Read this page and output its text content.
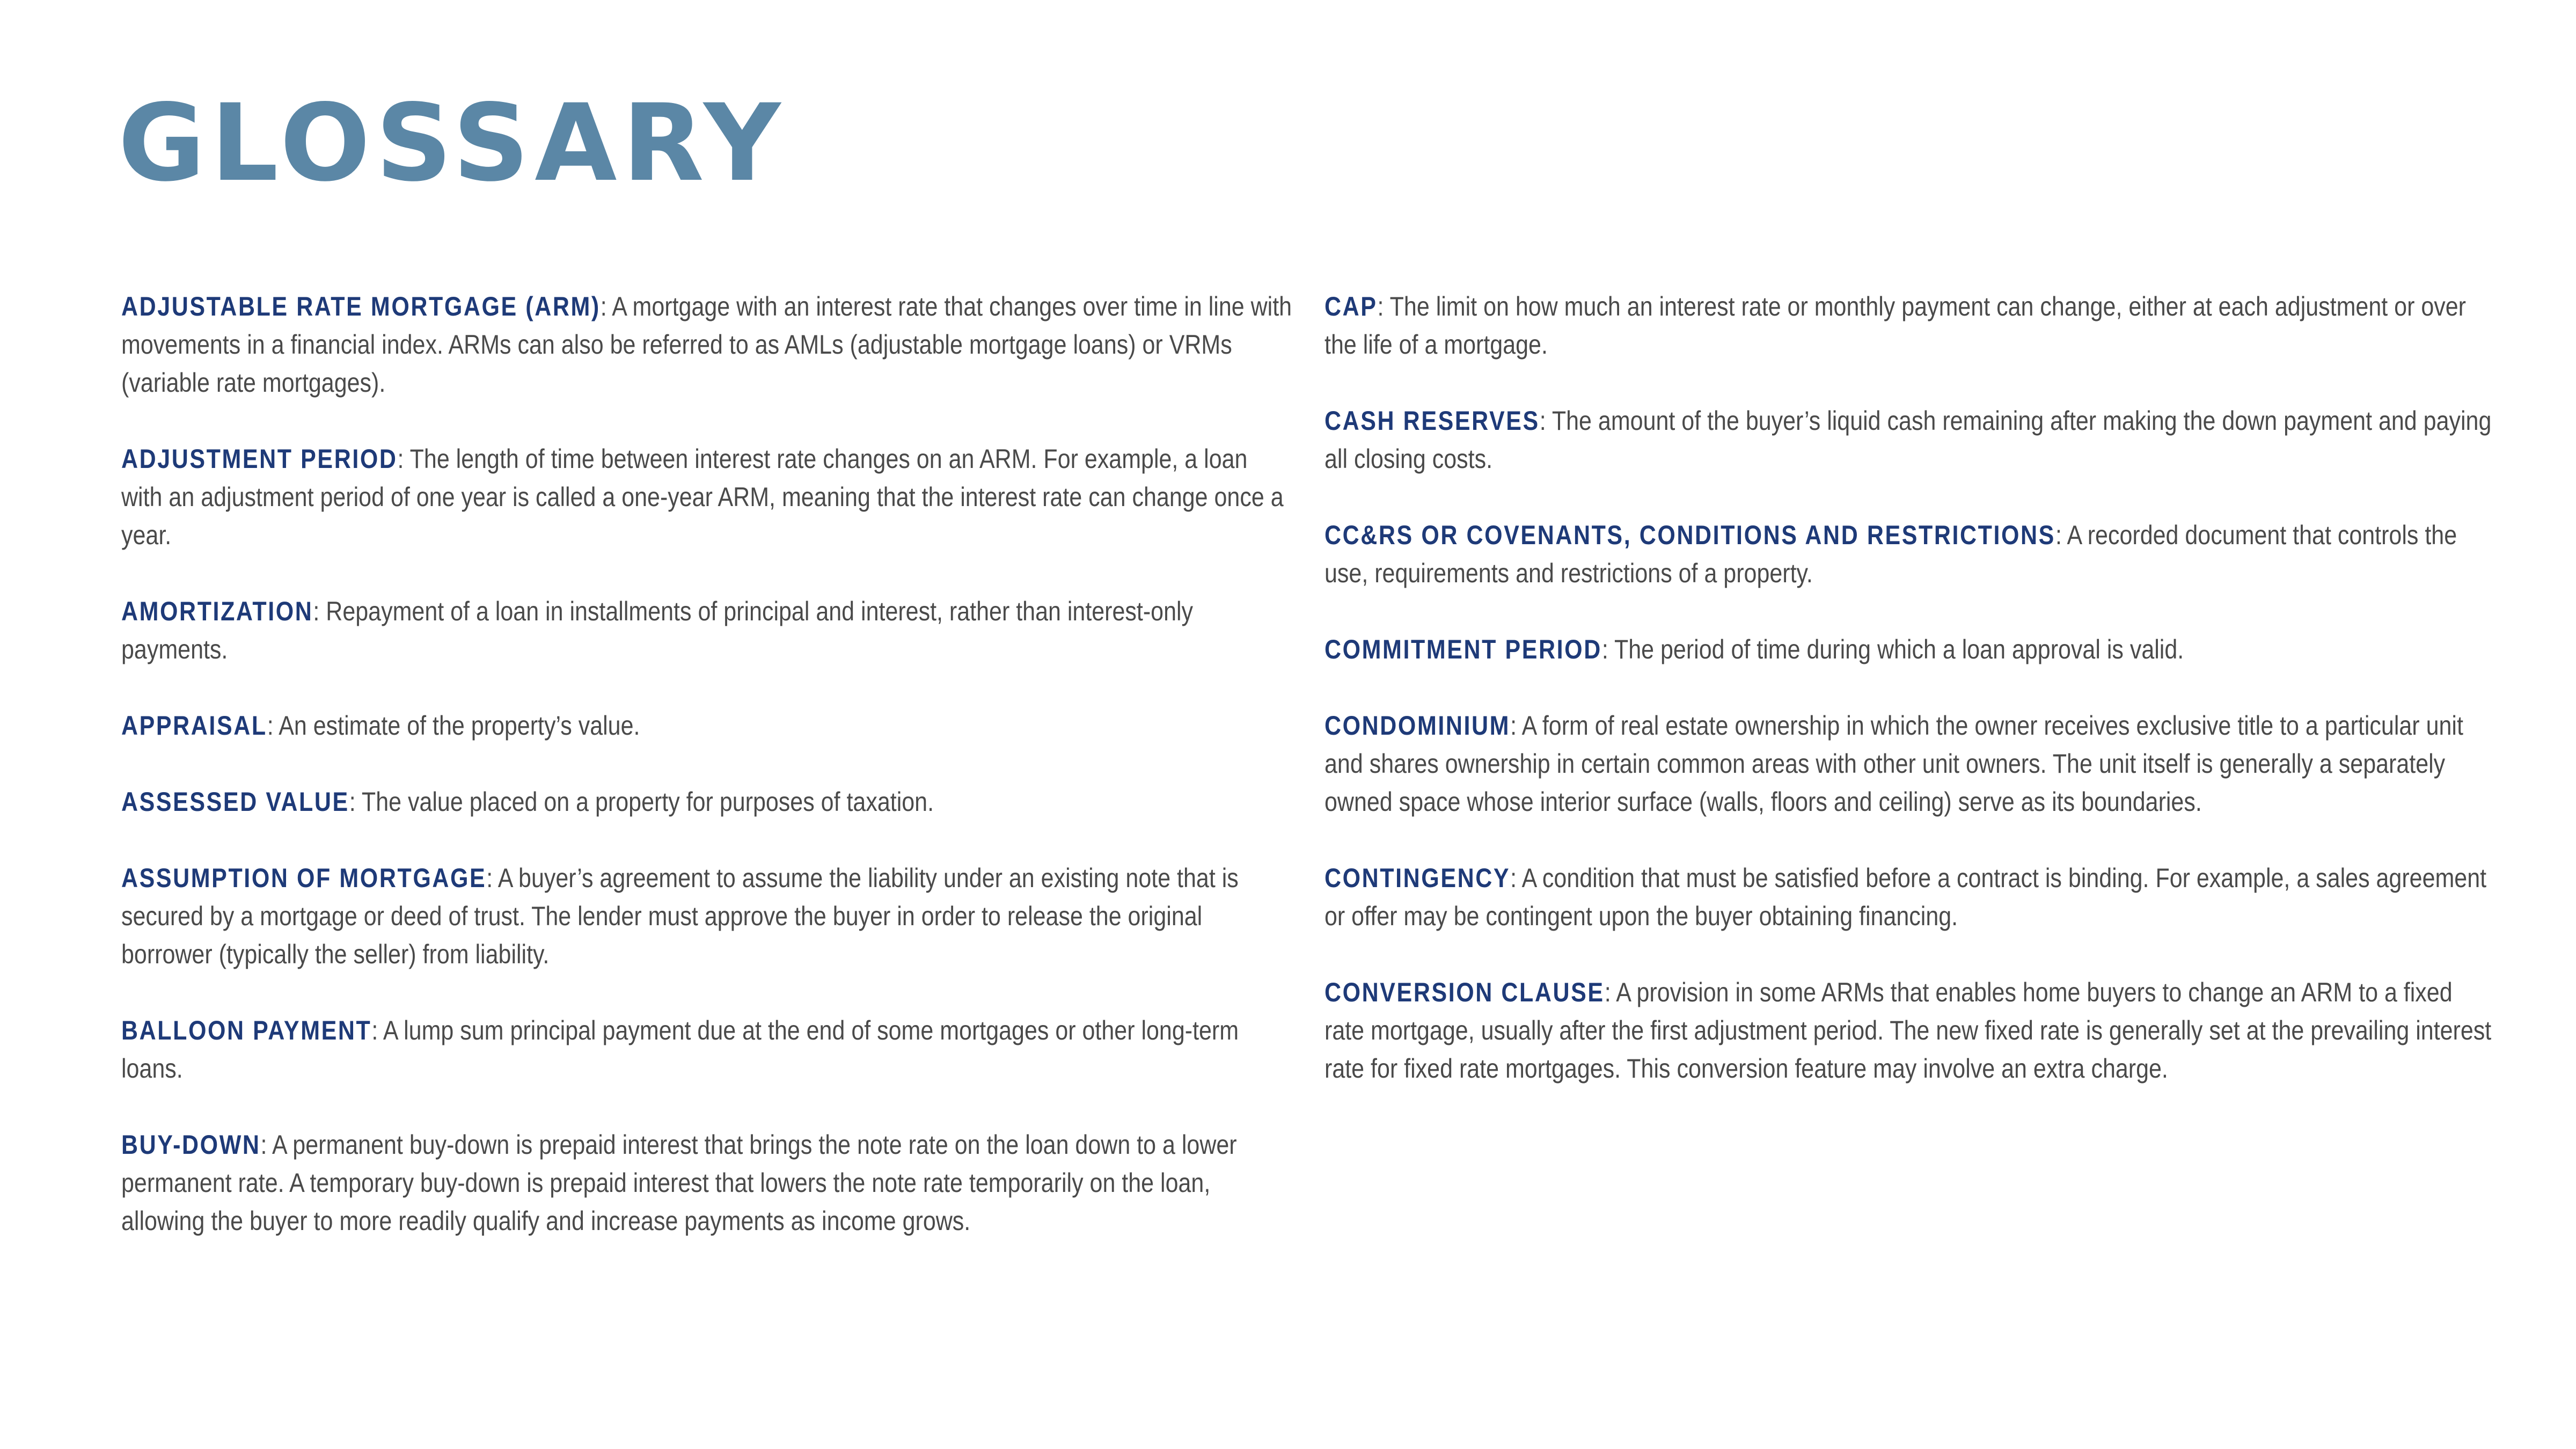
GLOSSARY

ADJUSTABLE RATE MORTGAGE (ARM): A mortgage with an interest rate that changes over time in line with movements in a financial index. ARMs can also be referred to as AMLs (adjustable mortgage loans) or VRMs (variable rate mortgages).

ADJUSTMENT PERIOD: The length of time between interest rate changes on an ARM. For example, a loan with an adjustment period of one year is called a one-year ARM, meaning that the interest rate can change once a year.

AMORTIZATION: Repayment of a loan in installments of principal and interest, rather than interest-only payments.

APPRAISAL: An estimate of the property’s value.

ASSESSED VALUE: The value placed on a property for purposes of taxation.

ASSUMPTION OF MORTGAGE: A buyer’s agreement to assume the liability under an existing note that is secured by a mortgage or deed of trust. The lender must approve the buyer in order to release the original borrower (typically the seller) from liability.

BALLOON PAYMENT: A lump sum principal payment due at the end of some mortgages or other long-term loans.

BUY-DOWN: A permanent buy-down is prepaid interest that brings the note rate on the loan down to a lower permanent rate. A temporary buy-down is prepaid interest that lowers the note rate temporarily on the loan, allowing the buyer to more readily qualify and increase payments as income grows.

CAP: The limit on how much an interest rate or monthly payment can change, either at each adjustment or over the life of a mortgage.

CASH RESERVES: The amount of the buyer’s liquid cash remaining after making the down payment and paying all closing costs.

CC&RS OR COVENANTS, CONDITIONS AND RESTRICTIONS: A recorded document that controls the use, requirements and restrictions of a property.

COMMITMENT PERIOD: The period of time during which a loan approval is valid.

CONDOMINIUM: A form of real estate ownership in which the owner receives exclusive title to a particular unit and shares ownership in certain common areas with other unit owners. The unit itself is generally a separately owned space whose interior surface (walls, floors and ceiling) serve as its boundaries.

CONTINGENCY: A condition that must be satisfied before a contract is binding. For example, a sales agreement or offer may be contingent upon the buyer obtaining financing.

CONVERSION CLAUSE: A provision in some ARMs that enables home buyers to change an ARM to a fixed rate mortgage, usually after the first adjustment period. The new fixed rate is generally set at the prevailing interest rate for fixed rate mortgages. This conversion feature may involve an extra charge.
